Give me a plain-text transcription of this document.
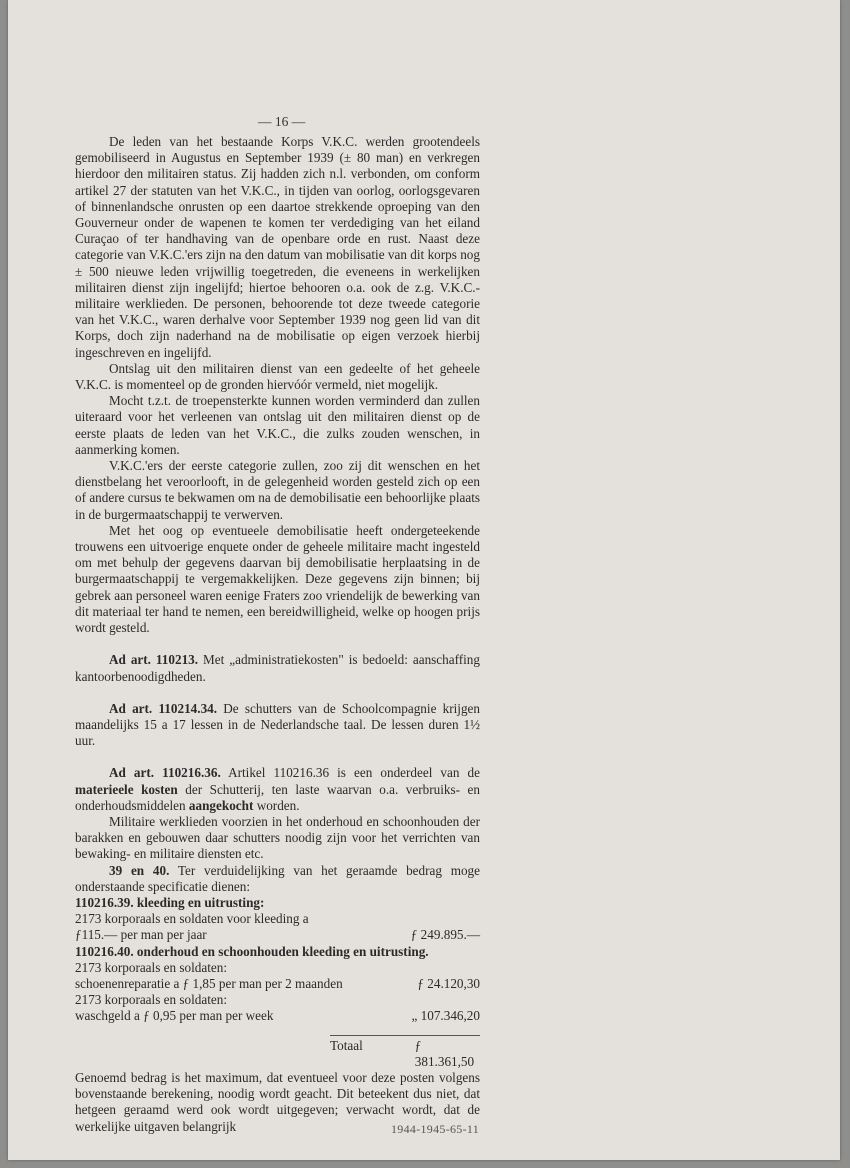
— 16 —

De leden van het bestaande Korps V.K.C. werden grootendeels gemobiliseerd in Augustus en September 1939 (± 80 man) en verkregen hierdoor den militairen status. Zij hadden zich n.l. verbonden, om conform artikel 27 der statuten van het V.K.C., in tijden van oorlog, oorlogsgevaren of binnenlandsche onrusten op een daartoe strekkende oproeping van den Gouverneur onder de wapenen te komen ter verdediging van het eiland Curaçao of ter handhaving van de openbare orde en rust. Naast deze categorie van V.K.C.'ers zijn na den datum van mobilisatie van dit korps nog ± 500 nieuwe leden vrijwillig toegetreden, die eveneens in werkelijken militairen dienst zijn ingelijfd; hiertoe behooren o.a. ook de z.g. V.K.C.-militaire werklieden. De personen, behoorende tot deze tweede categorie van het V.K.C., waren derhalve voor September 1939 nog geen lid van dit Korps, doch zijn naderhand na de mobilisatie op eigen verzoek hierbij ingeschreven en ingelijfd.

Ontslag uit den militairen dienst van een gedeelte of het geheele V.K.C. is momenteel op de gronden hiervóór vermeld, niet mogelijk.

Mocht t.z.t. de troepensterkte kunnen worden verminderd dan zullen uiteraard voor het verleenen van ontslag uit den militairen dienst op de eerste plaats de leden van het V.K.C., die zulks zouden wenschen, in aanmerking komen.

V.K.C.'ers der eerste categorie zullen, zoo zij dit wenschen en het dienstbelang het veroorlooft, in de gelegenheid worden gesteld zich op een of andere cursus te bekwamen om na de demobilisatie een behoorlijke plaats in de burgermaatschappij te verwerven.

Met het oog op eventueele demobilisatie heeft ondergeteekende trouwens een uitvoerige enquete onder de geheele militaire macht ingesteld om met behulp der gegevens daarvan bij demobilisatie herplaatsing in de burgermaatschappij te vergemakkelijken. Deze gegevens zijn binnen; bij gebrek aan personeel waren eenige Fraters zoo vriendelijk de bewerking van dit materiaal ter hand te nemen, een bereidwilligheid, welke op hoogen prijs wordt gesteld.

Ad art. 110213. Met „administratiekosten" is bedoeld: aanschaffing kantoorbenoodigdheden.

Ad art. 110214.34. De schutters van de Schoolcompagnie krijgen maandelijks 15 a 17 lessen in de Nederlandsche taal. De lessen duren 1½ uur.

Ad art. 110216.36. Artikel 110216.36 is een onderdeel van de materieele kosten der Schutterij, ten laste waarvan o.a. verbruiks- en onderhoudsmiddelen aangekocht worden.

Militaire werklieden voorzien in het onderhoud en schoonhouden der barakken en gebouwen daar schutters noodig zijn voor het verrichten van bewaking- en militaire diensten etc.

39 en 40. Ter verduidelijking van het geraamde bedrag moge onderstaande specificatie dienen:

110216.39. kleeding en uitrusting:
2173 korporaals en soldaten voor kleeding a
ƒ115.— per man per jaar	ƒ 249.895.—
110216.40. onderhoud en schoonhouden kleeding en uitrusting.
2173 korporaals en soldaten:
schoenenreparatie a ƒ 1,85 per man per 2 maanden	ƒ 24.120,30
2173 korporaals en soldaten:
waschgeld a ƒ 0,95 per man per week	„ 107.346,20
Totaal	ƒ 381.361,50

Genoemd bedrag is het maximum, dat eventueel voor deze posten volgens bovenstaande berekening, noodig wordt geacht. Dit beteekent dus niet, dat hetgeen geraamd werd ook wordt uitgegeven; verwacht wordt, dat de werkelijke uitgaven belangrijk	1944-1945-65-11
